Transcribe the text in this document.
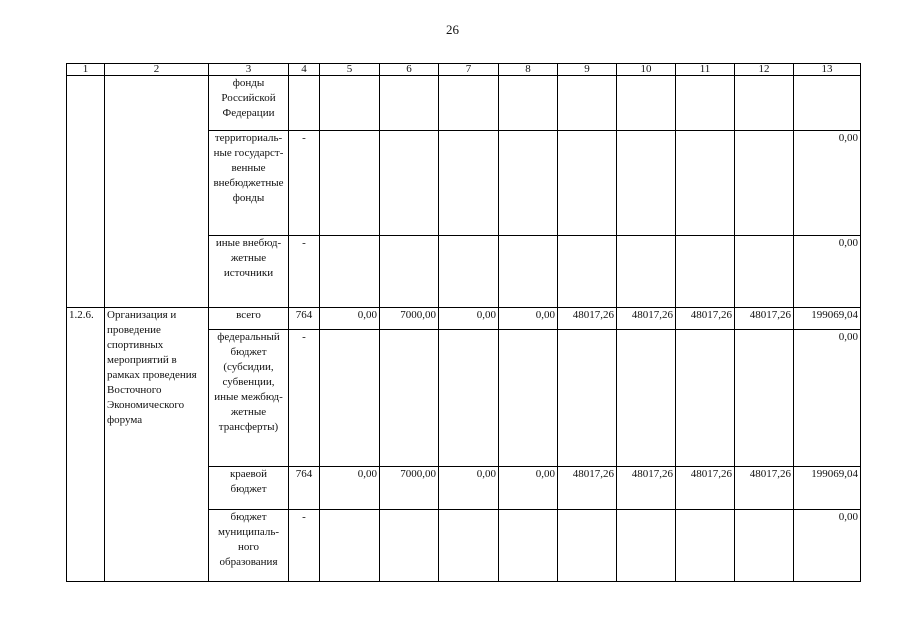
26
1	2	3	4	5	6	7	8	9	10	11	12	13
		фонды Российской Федерации										
		территориаль-ные государст-венные внебюджетные фонды	-									0,00
		иные внебюд-жетные источники	-									0,00
1.2.6.	Организация и проведение спортивных мероприятий в рамках проведения Восточного Экономического форума	всего	764	0,00	7000,00	0,00	0,00	48017,26	48017,26	48017,26	48017,26	199069,04
		федеральный бюджет (субсидии, субвенции, иные межбюд-жетные трансферты)	-									0,00
		краевой бюджет	764	0,00	7000,00	0,00	0,00	48017,26	48017,26	48017,26	48017,26	199069,04
		бюджет муниципаль-ного образования	-									0,00
